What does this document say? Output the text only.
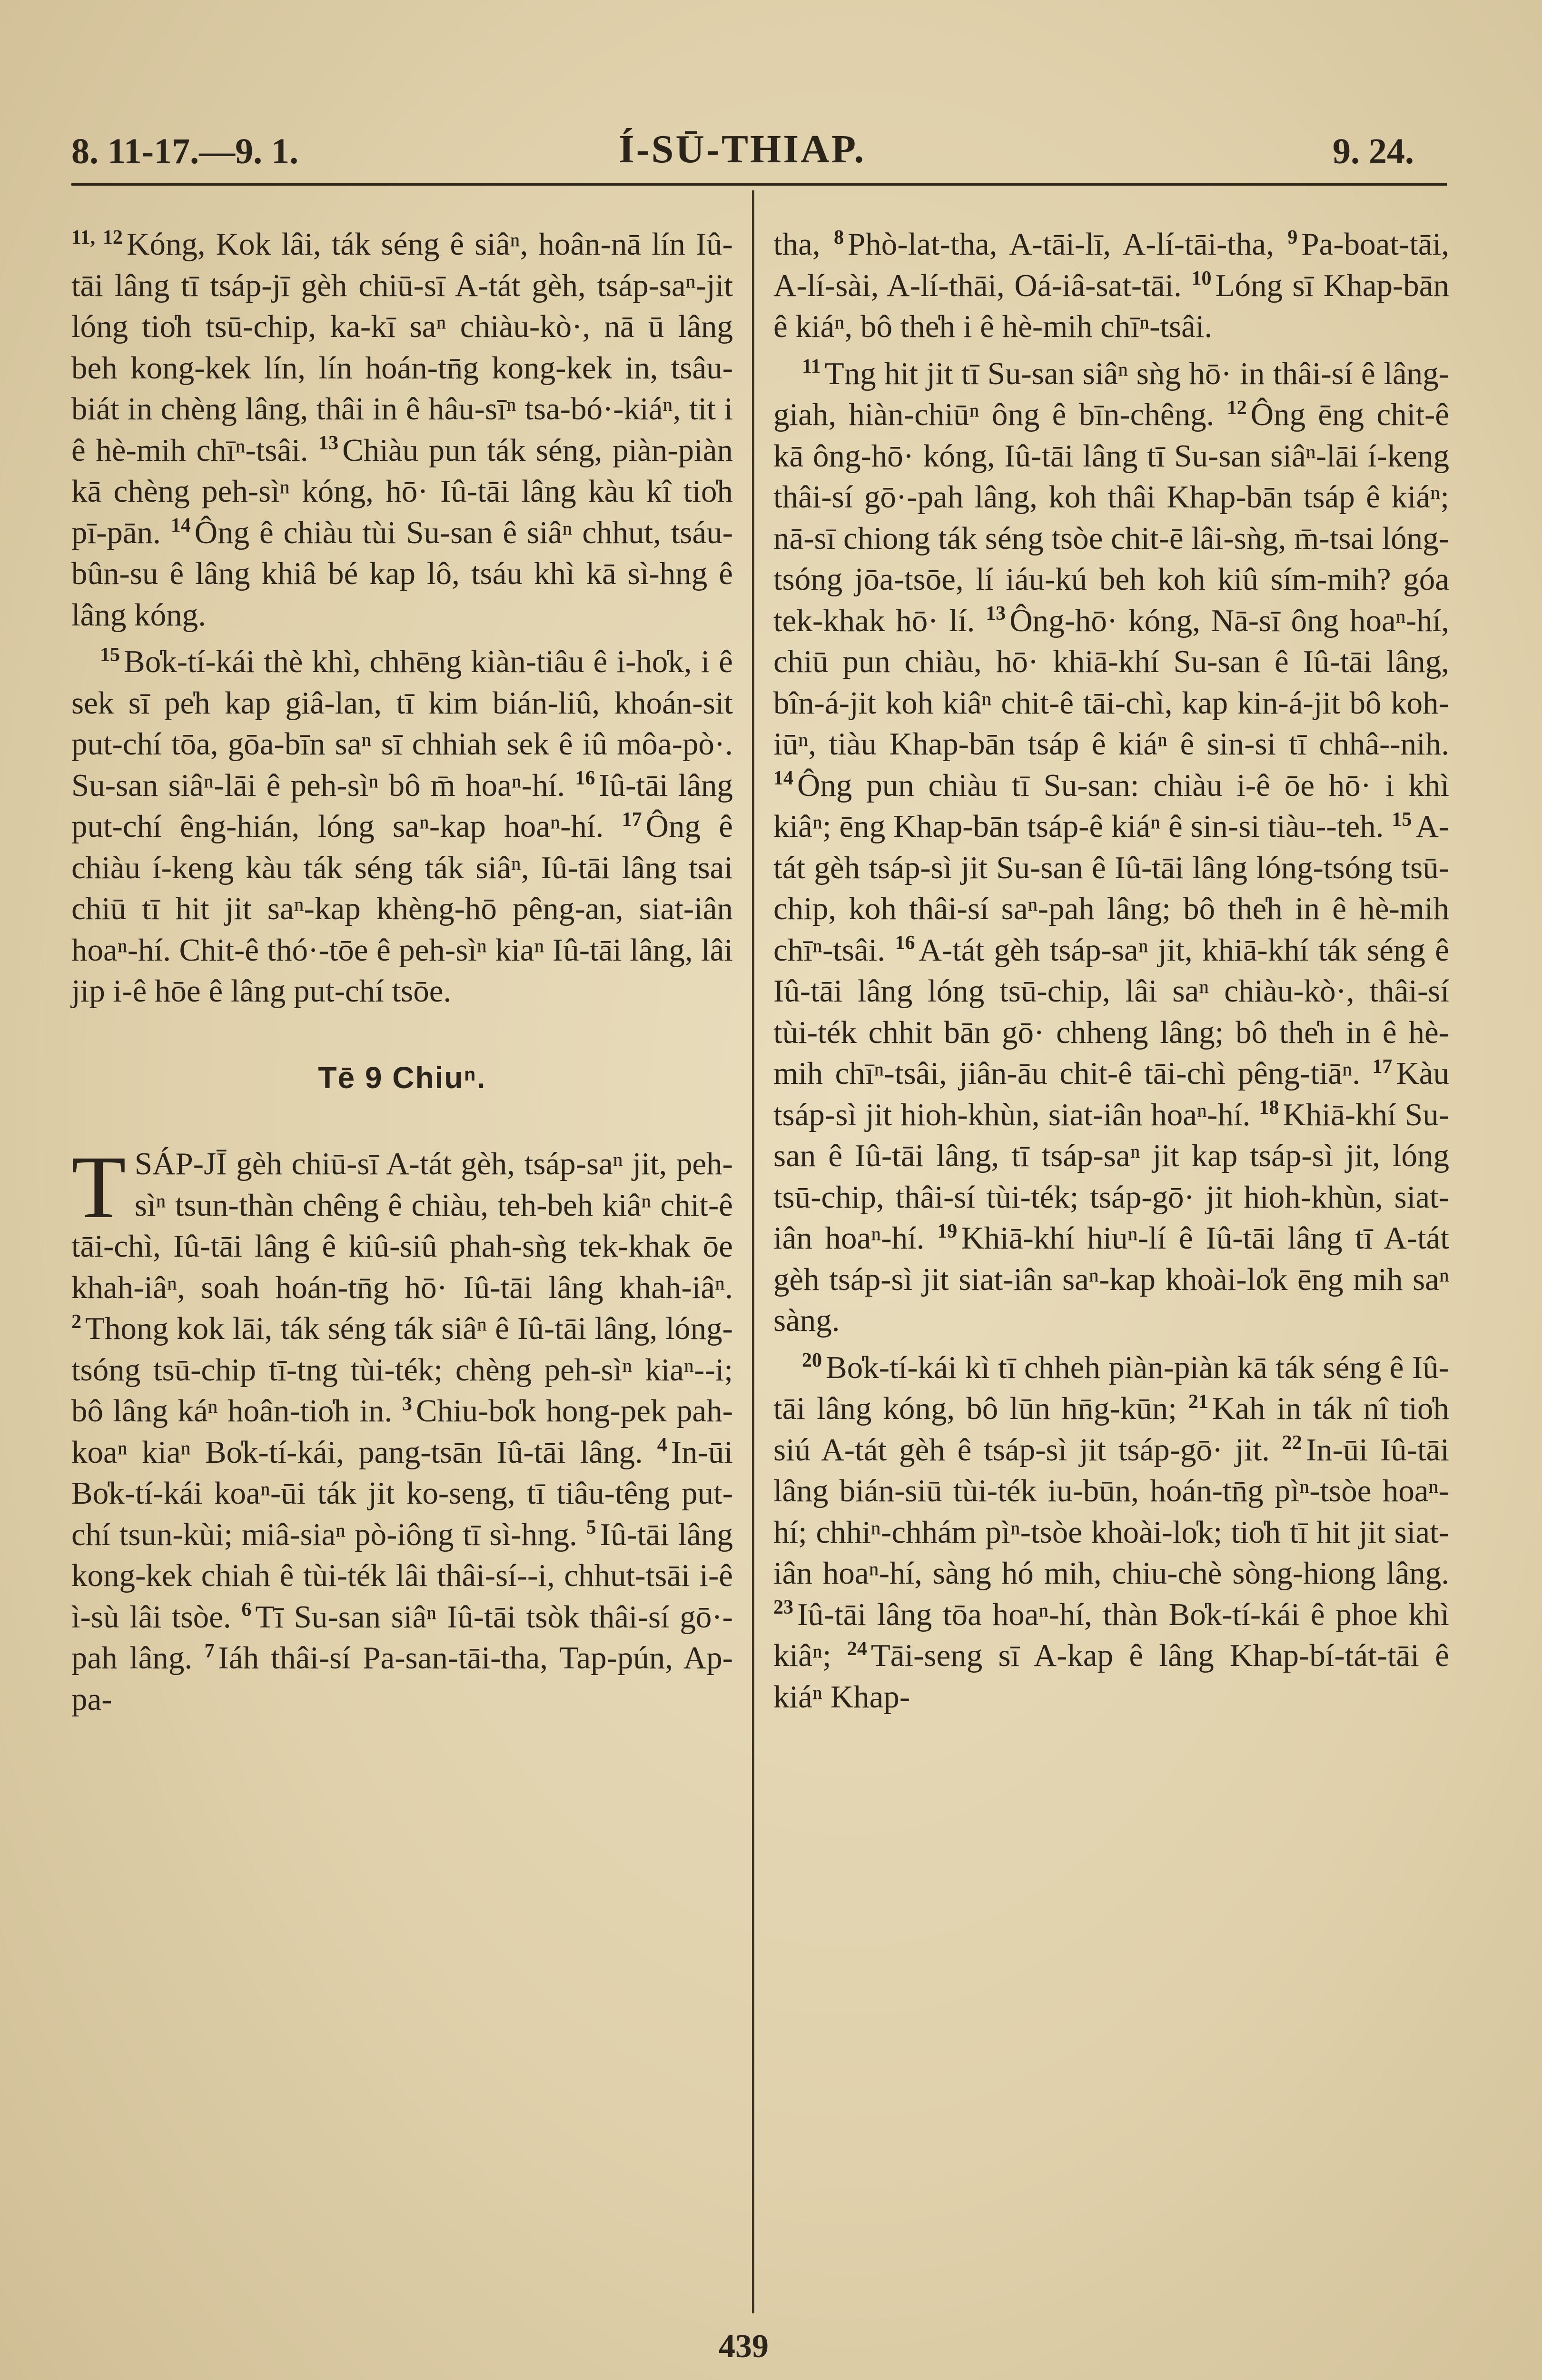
8. 11-17.—9. 1.	Í-SŪ-THIAP.	9. 24.

$^{11, 12}$ Kóng, Kok lâi, ták séng ê siâⁿ, hoân-nā lín Iû-tāi lâng tī tsáp-jī gèh chiū-sī A-tát gèh, tsáp-saⁿ-jit lóng tio̍h tsū-chip, ka-kī saⁿ chiàu-kò·, nā ū lâng beh kong-kek lín, lín hoán-tn̄g kong-kek in, tsâu-biát in chèng lâng, thâi in ê hâu-sīⁿ tsa-bó·-kiáⁿ, tit i ê hè-mih chīⁿ-tsâi. $^{13}$ Chiàu pun ták séng, piàn-piàn kā chèng peh-sìⁿ kóng, hō· Iû-tāi lâng kàu kî tio̍h pī-pān. $^{14}$ Ông ê chiàu tùi Su-san ê siâⁿ chhut, tsáu-bûn-su ê lâng khiâ bé kap lô, tsáu khì kā sì-hng ê lâng kóng.

$^{15}$ Bo̍k-tí-kái thè khì, chhēng kiàn-tiâu ê i-ho̍k, i ê sek sī pe̍h kap giâ-lan, tī kim bián-liû, khoán-sit put-chí tōa, gōa-bīn saⁿ sī chhiah sek ê iû môa-pò·. Su-san siâⁿ-lāi ê peh-sìⁿ bô m̄ hoaⁿ-hí. $^{16}$ Iû-tāi lâng put-chí êng-hián, lóng saⁿ-kap hoaⁿ-hí. $^{17}$ Ông ê chiàu í-keng kàu ták séng ták siâⁿ, Iû-tāi lâng tsai chiū tī hit jit saⁿ-kap khèng-hō pêng-an, siat-iân hoaⁿ-hí. Chit-ê thó·-tōe ê peh-sìⁿ kiaⁿ Iû-tāi lâng, lâi jip i-ê hōe ê lâng put-chí tsōe.

Tē 9 Chiuⁿ.

TSÁP-JĪ gèh chiū-sī A-tát gèh, tsáp-saⁿ jit, peh-sìⁿ tsun-thàn chêng ê chiàu, teh-beh kiâⁿ chit-ê tāi-chì, Iû-tāi lâng ê kiû-siû phah-sǹg tek-khak ōe khah-iâⁿ, soah hoán-tn̄g hō· Iû-tāi lâng khah-iâⁿ. $^2$ Thong kok lāi, ták séng ták siâⁿ ê Iû-tāi lâng, lóng-tsóng tsū-chip tī-tng tùi-ték; chèng peh-sìⁿ kiaⁿ--i; bô lâng káⁿ hoân-tio̍h in. $^3$ Chiu-bo̍k hong-pek pah-koaⁿ kiaⁿ Bo̍k-tí-kái, pang-tsān Iû-tāi lâng. $^4$ In-ūi Bo̍k-tí-kái koaⁿ-ūi ták jit ko-seng, tī tiâu-têng put-chí tsun-kùi; miâ-siaⁿ pò-iông tī sì-hng. $^5$ Iû-tāi lâng kong-kek chiah ê tùi-ték lâi thâi-sí--i, chhut-tsāi i-ê ì-sù lâi tsòe. $^6$ Tī Su-san siâⁿ Iû-tāi tsòk thâi-sí gō·-pah lâng. $^7$ Iáh thâi-sí Pa-san-tāi-tha, Tap-pún, Ap-pa-

tha, $^8$ Phò-lat-tha, A-tāi-lī, A-lí-tāi-tha, $^9$ Pa-boat-tāi, A-lí-sài, A-lí-thāi, Oá-iâ-sat-tāi. $^{10}$ Lóng sī Khap-bān ê kiáⁿ, bô the̍h i ê hè-mih chīⁿ-tsâi.

$^{11}$ Tng hit jit tī Su-san siâⁿ sǹg hō· in thâi-sí ê lâng-giah, hiàn-chiūⁿ ông ê bīn-chêng. $^{12}$ Ông ēng chit-ê kā ông-hō· kóng, Iû-tāi lâng tī Su-san siâⁿ-lāi í-keng thâi-sí gō·-pah lâng, koh thâi Khap-bān tsáp ê kiáⁿ; nā-sī chiong ták séng tsòe chit-ē lâi-sǹg, m̄-tsai lóng-tsóng jōa-tsōe, lí iáu-kú beh koh kiû sím-mih? góa tek-khak hō· lí. $^{13}$ Ông-hō· kóng, Nā-sī ông hoaⁿ-hí, chiū pun chiàu, hō· khiā-khí Su-san ê Iû-tāi lâng, bîn-á-jit koh kiâⁿ chit-ê tāi-chì, kap kin-á-jit bô koh-iūⁿ, tiàu Khap-bān tsáp ê kiáⁿ ê sin-si tī chhâ--nih. $^{14}$ Ông pun chiàu tī Su-san: chiàu i-ê ōe hō· i khì kiâⁿ; ēng Khap-bān tsáp-ê kiáⁿ ê sin-si tiàu--teh. $^{15}$ A-tát gèh tsáp-sì jit Su-san ê Iû-tāi lâng lóng-tsóng tsū-chip, koh thâi-sí saⁿ-pah lâng; bô the̍h in ê hè-mih chīⁿ-tsâi. $^{16}$ A-tát gèh tsáp-saⁿ jit, khiā-khí ták séng ê Iû-tāi lâng lóng tsū-chip, lâi saⁿ chiàu-kò·, thâi-sí tùi-ték chhit bān gō· chheng lâng; bô the̍h in ê hè-mih chīⁿ-tsâi, jiân-āu chit-ê tāi-chì pêng-tiāⁿ. $^{17}$ Kàu tsáp-sì jit hioh-khùn, siat-iân hoaⁿ-hí. $^{18}$ Khiā-khí Su-san ê Iû-tāi lâng, tī tsáp-saⁿ jit kap tsáp-sì jit, lóng tsū-chip, thâi-sí tùi-ték; tsáp-gō· jit hioh-khùn, siat-iân hoaⁿ-hí. $^{19}$ Khiā-khí hiuⁿ-lí ê Iû-tāi lâng tī A-tát gèh tsáp-sì jit siat-iân saⁿ-kap khoài-lo̍k ēng mih saⁿ sàng.

$^{20}$ Bo̍k-tí-kái kì tī chheh piàn-piàn kā ták séng ê Iû-tāi lâng kóng, bô lūn hn̄g-kūn; $^{21}$ Kah in ták nî tio̍h siú A-tát gèh ê tsáp-sì jit tsáp-gō· jit. $^{22}$ In-ūi Iû-tāi lâng bián-siū tùi-ték iu-būn, hoán-tn̄g pìⁿ-tsòe hoaⁿ-hí; chhiⁿ-chhám pìⁿ-tsòe khoài-lo̍k; tio̍h tī hit jit siat-iân hoaⁿ-hí, sàng hó mih, chiu-chè sòng-hiong lâng. $^{23}$ Iû-tāi lâng tōa hoaⁿ-hí, thàn Bo̍k-tí-kái ê phoe khì kiâⁿ; $^{24}$ Tāi-seng sī A-kap ê lâng Khap-bí-tát-tāi ê kiáⁿ Khap-

439
